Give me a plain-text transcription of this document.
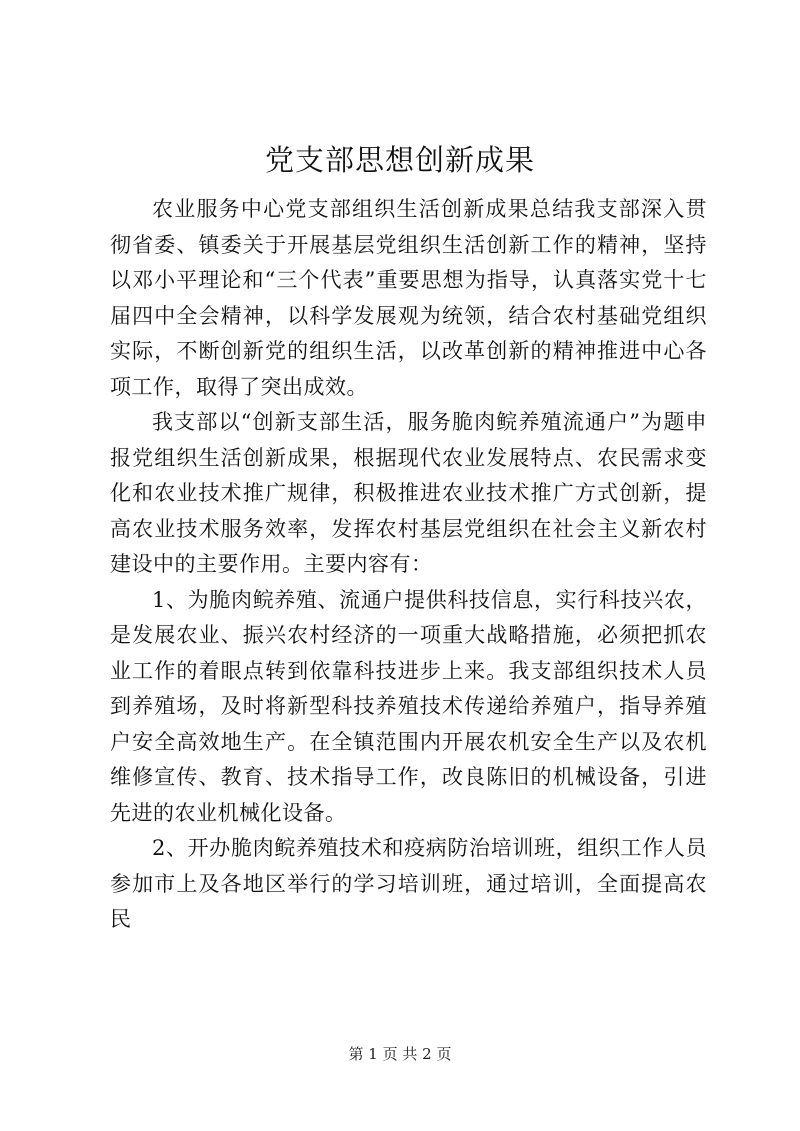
党支部思想创新成果

农业服务中心党支部组织生活创新成果总结我支部深入贯彻省委、镇委关于开展基层党组织生活创新工作的精神，坚持以邓小平理论和“三个代表”重要思想为指导，认真落实党十七届四中全会精神，以科学发展观为统领，结合农村基础党组织实际，不断创新党的组织生活，以改革创新的精神推进中心各项工作，取得了突出成效。

我支部以“创新支部生活，服务脆肉鲩养殖流通户”为题申报党组织生活创新成果，根据现代农业发展特点、农民需求变化和农业技术推广规律，积极推进农业技术推广方式创新，提高农业技术服务效率，发挥农村基层党组织在社会主义新农村建设中的主要作用。主要内容有：

1、为脆肉鲩养殖、流通户提供科技信息，实行科技兴农，是发展农业、振兴农村经济的一项重大战略措施，必须把抓农业工作的着眼点转到依靠科技进步上来。我支部组织技术人员到养殖场，及时将新型科技养殖技术传递给养殖户，指导养殖户安全高效地生产。在全镇范围内开展农机安全生产以及农机维修宣传、教育、技术指导工作，改良陈旧的机械设备，引进先进的农业机械化设备。

2、开办脆肉鲩养殖技术和疫病防治培训班，组织工作人员参加市上及各地区举行的学习培训班，通过培训，全面提高农民

第 1 页 共 2 页
